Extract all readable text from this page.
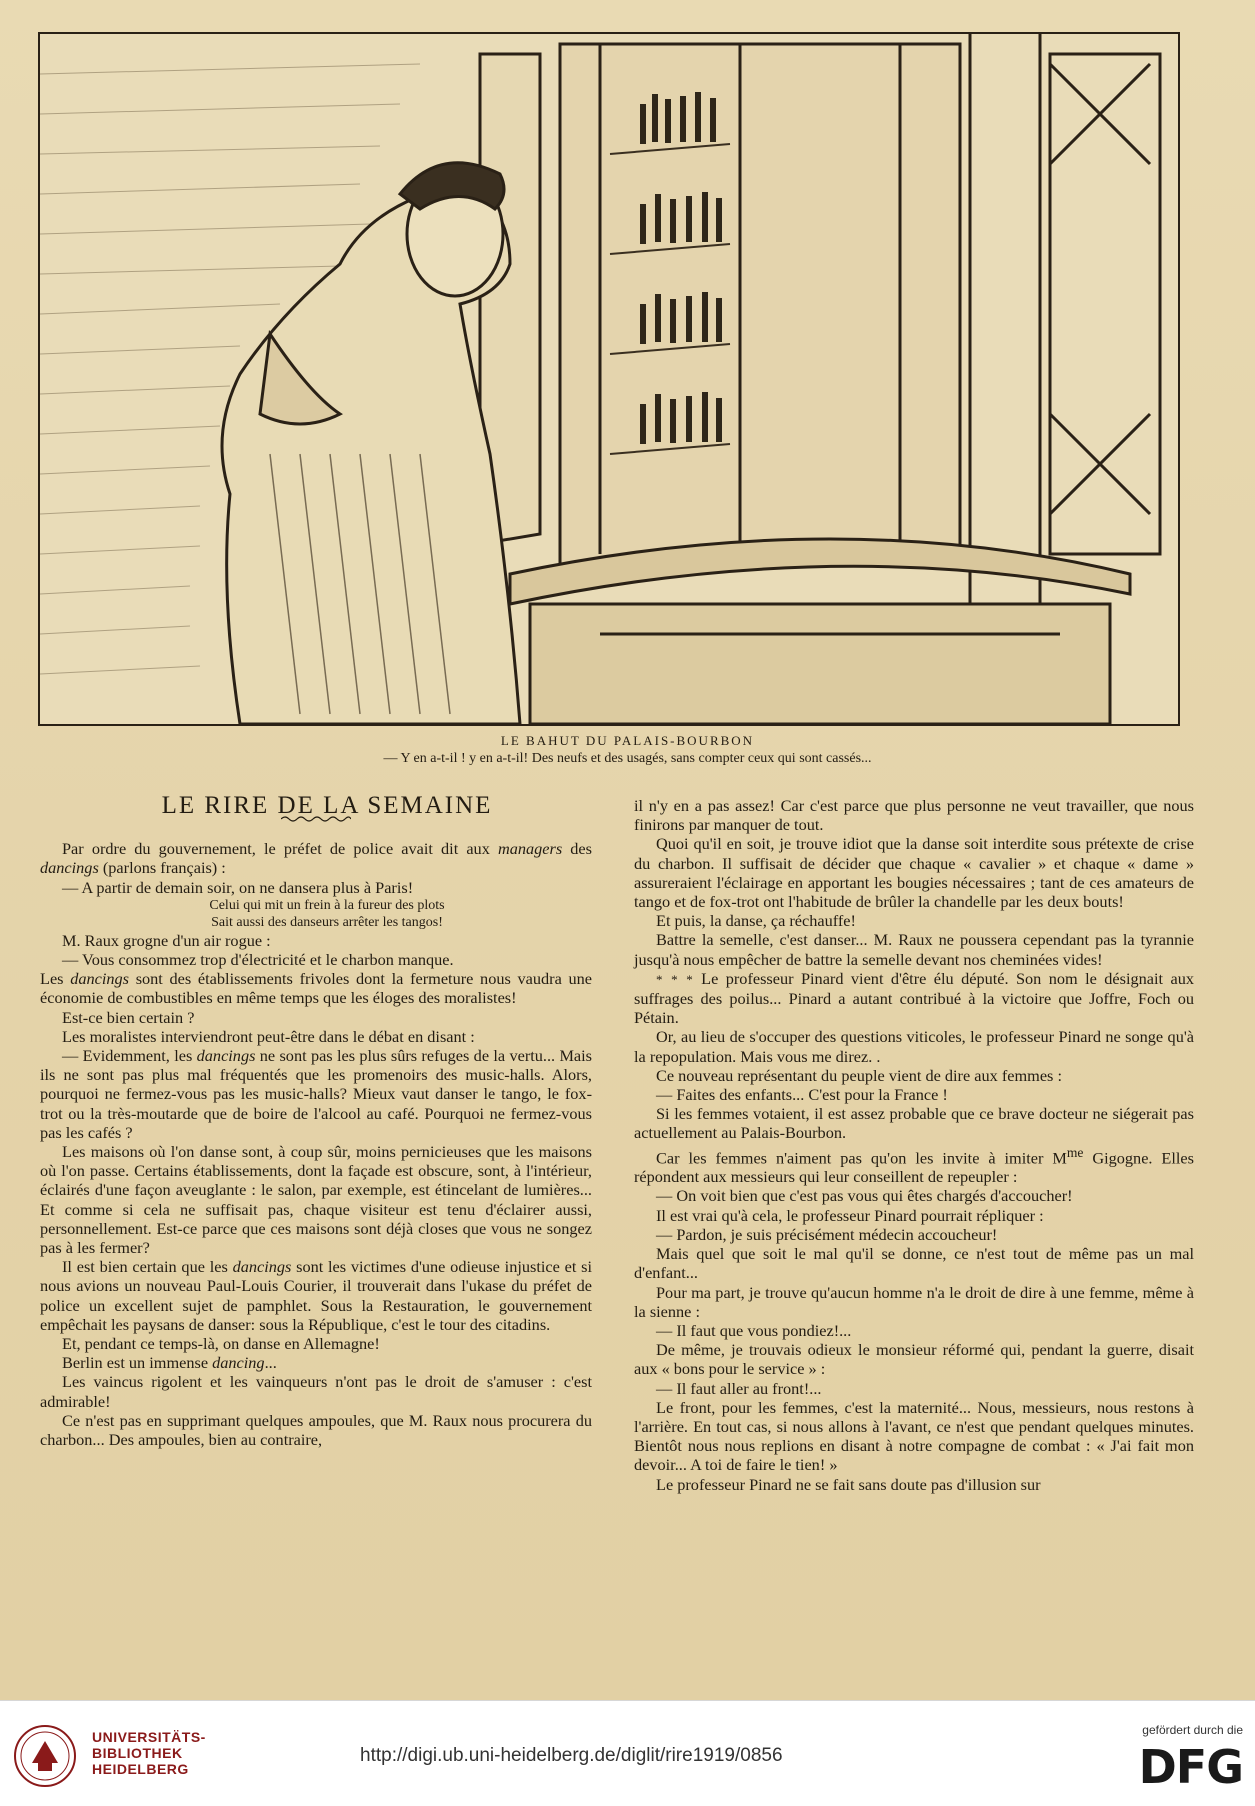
LE BAHUT DU PALAIS-BOURBON
— Y en a-t-il ! y en a-t-il! Des neufs et des usagés, sans compter ceux qui sont cassés...

LE RIRE DE LA SEMAINE

Par ordre du gouvernement, le préfet de police avait dit aux managers des dancings (parlons français) :

— A partir de demain soir, on ne dansera plus à Paris!

Celui qui mit un frein à la fureur des plots

Sait aussi des danseurs arrêter les tangos!

M. Raux grogne d'un air rogue :

— Vous consommez trop d'électricité et le charbon manque.

Les dancings sont des établissements frivoles dont la fermeture nous vaudra une économie de combustibles en même temps que les éloges des moralistes!

Est-ce bien certain ?

Les moralistes interviendront peut-être dans le débat en disant :

— Evidemment, les dancings ne sont pas les plus sûrs refuges de la vertu... Mais ils ne sont pas plus mal fréquentés que les promenoirs des music-halls. Alors, pourquoi ne fermez-vous pas les music-halls? Mieux vaut danser le tango, le fox-trot ou la très-moutarde que de boire de l'alcool au café. Pourquoi ne fermez-vous pas les cafés ?

Les maisons où l'on danse sont, à coup sûr, moins pernicieuses que les maisons où l'on passe. Certains établissements, dont la façade est obscure, sont, à l'intérieur, éclairés d'une façon aveuglante : le salon, par exemple, est étincelant de lumières... Et comme si cela ne suffisait pas, chaque visiteur est tenu d'éclairer aussi, personnellement. Est-ce parce que ces maisons sont déjà closes que vous ne songez pas à les fermer?

Il est bien certain que les dancings sont les victimes d'une odieuse injustice et si nous avions un nouveau Paul-Louis Courier, il trouverait dans l'ukase du préfet de police un excellent sujet de pamphlet. Sous la Restauration, le gouvernement empêchait les paysans de danser: sous la République, c'est le tour des citadins.

Et, pendant ce temps-là, on danse en Allemagne!

Berlin est un immense dancing...

Les vaincus rigolent et les vainqueurs n'ont pas le droit de s'amuser : c'est admirable!

Ce n'est pas en supprimant quelques ampoules, que M. Raux nous procurera du charbon... Des ampoules, bien au contraire,

il n'y en a pas assez! Car c'est parce que plus personne ne veut travailler, que nous finirons par manquer de tout.

Quoi qu'il en soit, je trouve idiot que la danse soit interdite sous prétexte de crise du charbon. Il suffisait de décider que chaque « cavalier » et chaque « dame » assureraient l'éclairage en apportant les bougies nécessaires ; tant de ces amateurs de tango et de fox-trot ont l'habitude de brûler la chandelle par les deux bouts!

Et puis, la danse, ça réchauffe!

Battre la semelle, c'est danser... M. Raux ne poussera cependant pas la tyrannie jusqu'à nous empêcher de battre la semelle devant nos cheminées vides!

* * * Le professeur Pinard vient d'être élu député. Son nom le désignait aux suffrages des poilus... Pinard a autant contribué à la victoire que Joffre, Foch ou Pétain.

Or, au lieu de s'occuper des questions viticoles, le professeur Pinard ne songe qu'à la repopulation. Mais vous me direz. .

Ce nouveau représentant du peuple vient de dire aux femmes :

— Faites des enfants... C'est pour la France !

Si les femmes votaient, il est assez probable que ce brave docteur ne siégerait pas actuellement au Palais-Bourbon.

Car les femmes n'aiment pas qu'on les invite à imiter $M^{me}$ Gigogne. Elles répondent aux messieurs qui leur conseillent de repeupler :

— On voit bien que c'est pas vous qui êtes chargés d'accoucher!

Il est vrai qu'à cela, le professeur Pinard pourrait répliquer :

— Pardon, je suis précisément médecin accoucheur!

Mais quel que soit le mal qu'il se donne, ce n'est tout de même pas un mal d'enfant...

Pour ma part, je trouve qu'aucun homme n'a le droit de dire à une femme, même à la sienne :

— Il faut que vous pondiez!...

De même, je trouvais odieux le monsieur réformé qui, pendant la guerre, disait aux « bons pour le service » :

— Il faut aller au front!...

Le front, pour les femmes, c'est la maternité... Nous, messieurs, nous restons à l'arrière. En tout cas, si nous allons à l'avant, ce n'est que pendant quelques minutes. Bientôt nous nous replions en disant à notre compagne de combat : « J'ai fait mon devoir... A toi de faire le tien! »

Le professeur Pinard ne se fait sans doute pas d'illusion sur

UNIVERSITÄTS-
BIBLIOTHEK
HEIDELBERG
http://digi.ub.uni-heidelberg.de/diglit/rire1919/0856
gefördert durch die
DFG
